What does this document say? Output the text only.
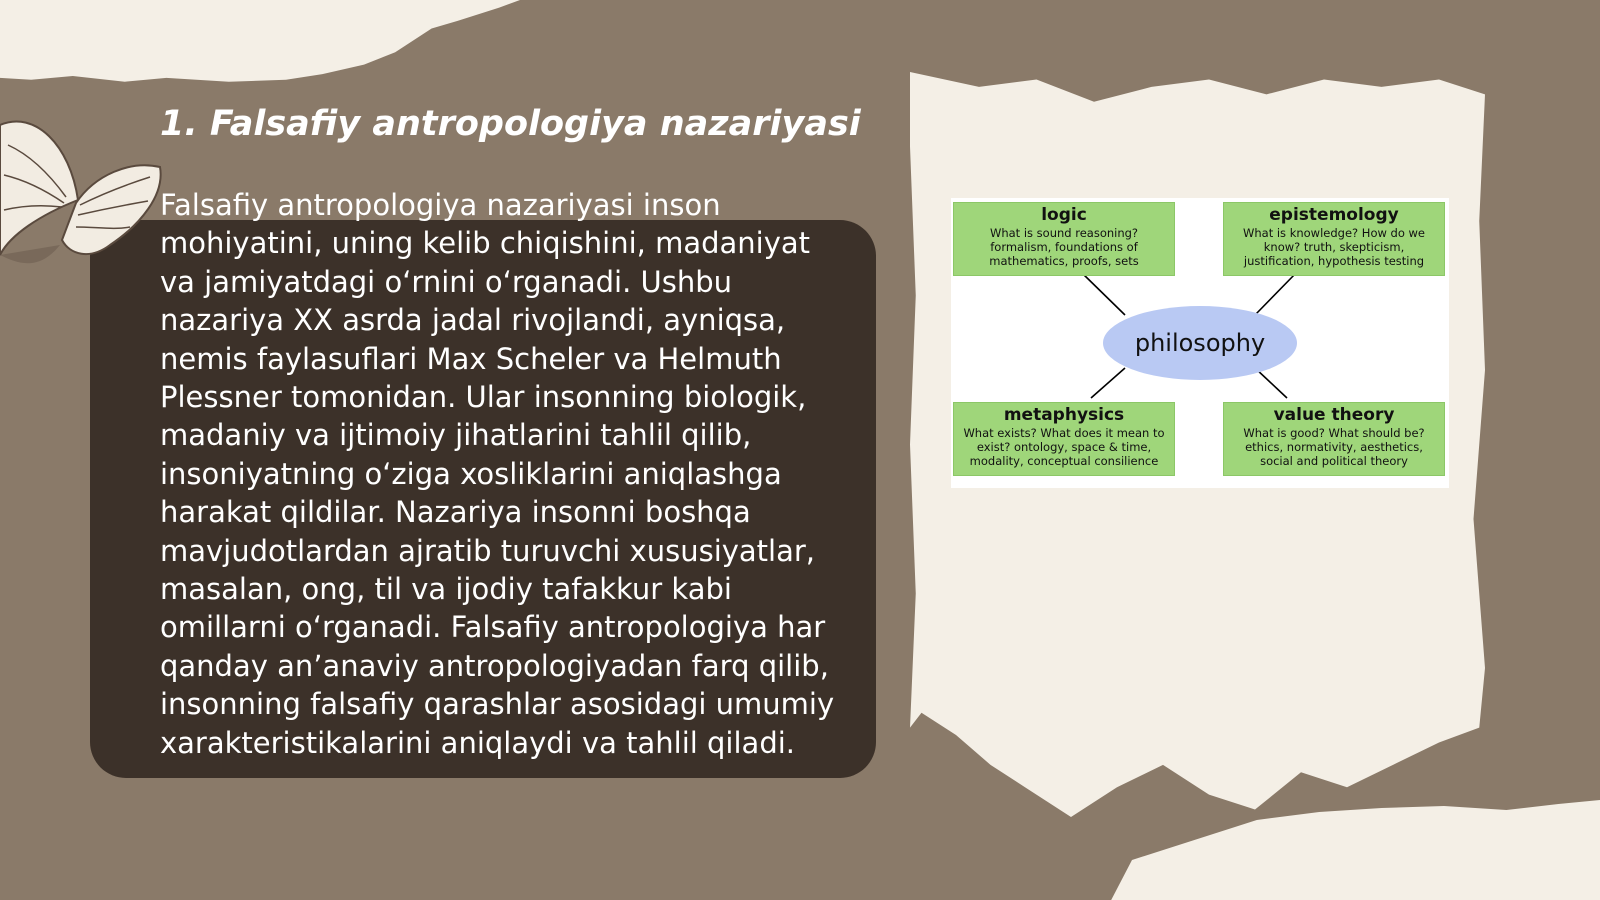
1. Falsafiy antropologiya nazariyasi

Falsafiy antropologiya nazariyasi inson mohiyatini, uning kelib chiqishini, madaniyat va jamiyatdagi o‘rnini o‘rganadi. Ushbu nazariya XX asrda jadal rivojlandi, ayniqsa, nemis faylasuflari Max Scheler va Helmuth Plessner tomonidan. Ular insonning biologik, madaniy va ijtimoiy jihatlarini tahlil qilib, insoniyatning o‘ziga xosliklarini aniqlashga harakat qildilar. Nazariya insonni boshqa mavjudotlardan ajratib turuvchi xususiyatlar, masalan, ong, til va ijodiy tafakkur kabi omillarni o‘rganadi. Falsafiy antropologiya har qanday an’anaviy antropologiyadan farq qilib, insonning falsafiy qarashlar asosidagi umumiy xarakteristikalarini aniqlaydi va tahlil qiladi.

logic
What is sound reasoning? formalism, foundations of mathematics, proofs, sets
epistemology
What is knowledge? How do we know? truth, skepticism, justification, hypothesis testing
philosophy
metaphysics
What exists? What does it mean to exist? ontology, space & time, modality, conceptual consilience
value theory
What is good? What should be? ethics, normativity, aesthetics, social and political theory
